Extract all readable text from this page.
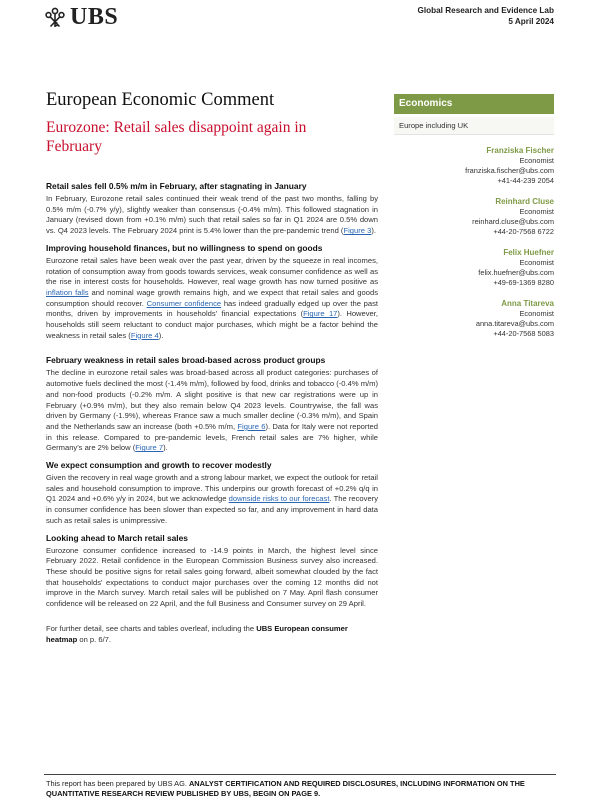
UBS	Global Research and Evidence Lab
5 April 2024
European Economic Comment
Eurozone: Retail sales disappoint again in February
Retail sales fell 0.5% m/m in February, after stagnating in January

In February, Eurozone retail sales continued their weak trend of the past two months, falling by 0.5% m/m (-0.7% y/y), slightly weaker than consensus (-0.4% m/m). This followed stagnation in January (revised down from +0.1% m/m) such that retail sales so far in Q1 2024 are 0.5% down vs. Q4 2023 levels. The February 2024 print is 5.4% lower than the pre-pandemic trend (Figure 3).

Improving household finances, but no willingness to spend on goods

Eurozone retail sales have been weak over the past year, driven by the squeeze in real incomes, rotation of consumption away from goods towards services, weak consumer confidence as well as the rise in interest costs for households. However, real wage growth has now turned positive as inflation falls and nominal wage growth remains high, and we expect that retail sales and goods consumption should recover. Consumer confidence has indeed gradually edged up over the past months, driven by improvements in households' financial expectations (Figure 17). However, households still seem reluctant to conduct major purchases, which might be a factor behind the weakness in retail sales (Figure 4).

February weakness in retail sales broad-based across product groups

The decline in eurozone retail sales was broad-based across all product categories: purchases of automotive fuels declined the most (-1.4% m/m), followed by food, drinks and tobacco (-0.4% m/m) and non-food products (-0.2% m/m. A slight positive is that new car registrations were up in February (+0.9% m/m), but they also remain below Q4 2023 levels. Countrywise, the fall was driven by Germany (-1.9%), whereas France saw a much smaller decline (-0.3% m/m), and Spain and the Netherlands saw an increase (both +0.5% m/m, Figure 6). Data for Italy were not reported in this release. Compared to pre-pandemic levels, French retail sales are 7% higher, while Germany's are 2% below (Figure 7).

We expect consumption and growth to recover modestly

Given the recovery in real wage growth and a strong labour market, we expect the outlook for retail sales and household consumption to improve. This underpins our growth forecast of +0.2% q/q in Q1 2024 and +0.6% y/y in 2024, but we acknowledge downside risks to our forecast. The recovery in consumer confidence has been slower than expected so far, and any improvement in hard data such as retail sales is unimpressive.

Looking ahead to March retail sales

Eurozone consumer confidence increased to -14.9 points in March, the highest level since February 2022. Retail confidence in the European Commission Business survey also increased. These should be positive signs for retail sales going forward, albeit somewhat clouded by the fact that households' expectations to conduct major purchases over the coming 12 months did not improve in the March survey. March retail sales will be published on 7 May. April flash consumer confidence will be released on 22 April, and the full Business and Consumer survey on 29 April.

For further detail, see charts and tables overleaf, including the UBS European consumer heatmap on p. 6/7.
Economics
Europe including UK
Franziska Fischer
Economist
franziska.fischer@ubs.com
+41-44-239 2054
Reinhard Cluse
Economist
reinhard.cluse@ubs.com
+44-20-7568 6722
Felix Huefner
Economist
felix.huefner@ubs.com
+49-69-1369 8280
Anna Titareva
Economist
anna.titareva@ubs.com
+44-20-7568 5083
This report has been prepared by UBS AG. ANALYST CERTIFICATION AND REQUIRED DISCLOSURES, INCLUDING INFORMATION ON THE QUANTITATIVE RESEARCH REVIEW PUBLISHED BY UBS, BEGIN ON PAGE 9.
